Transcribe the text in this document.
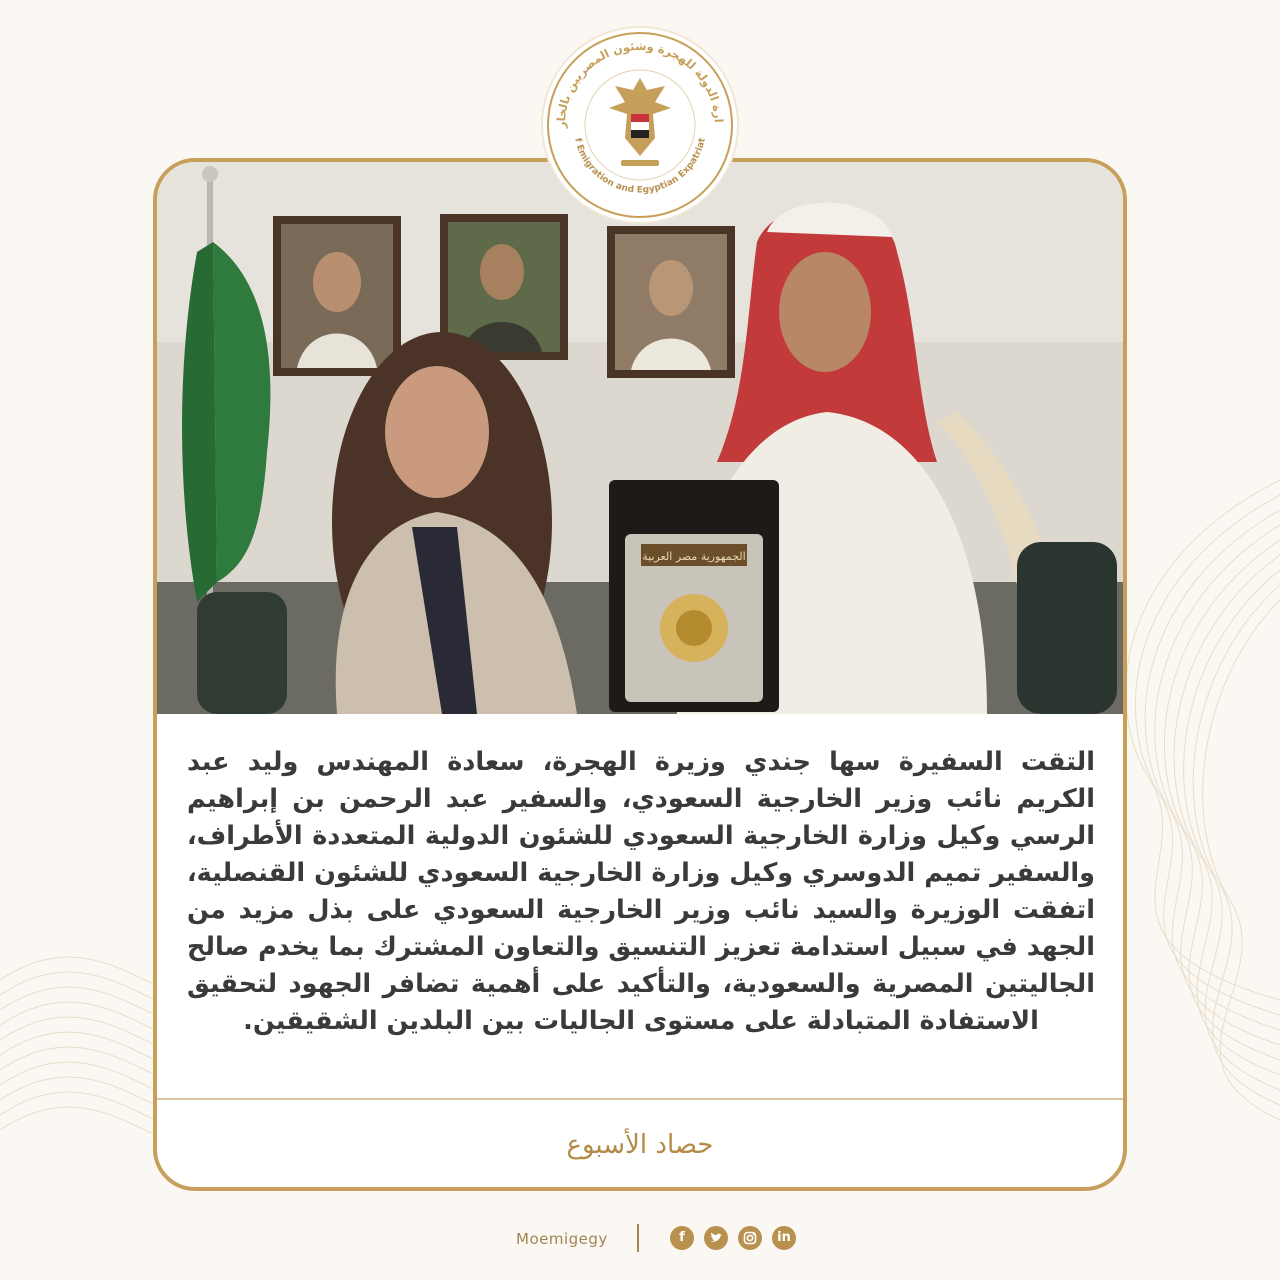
الجمهورية مصر العربية
التقت السفيرة سها جندي وزيرة الهجرة، سعادة المهندس وليد عبد الكريم نائب وزير الخارجية السعودي، والسفير عبد الرحمن بن إبراهيم الرسي وكيل وزارة الخارجية السعودي للشئون الدولية المتعددة الأطراف، والسفير تميم الدوسري وكيل وزارة الخارجية السعودي للشئون القنصلية، اتفقت الوزيرة والسيد نائب وزير الخارجية السعودي على بذل مزيد من الجهد في سبيل استدامة تعزيز التنسيق والتعاون المشترك بما يخدم صالح الجاليتين المصرية والسعودية، والتأكيد على أهمية تضافر الجهود لتحقيق الاستفادة المتبادلة على مستوى الجاليات بين البلدين الشقيقين.
حصاد الأسبوع
ارة الدولة للهجرة وشئون المصريين بالخار
f Emigration and Egyptian Expatriat
Moemigegy	f	in
